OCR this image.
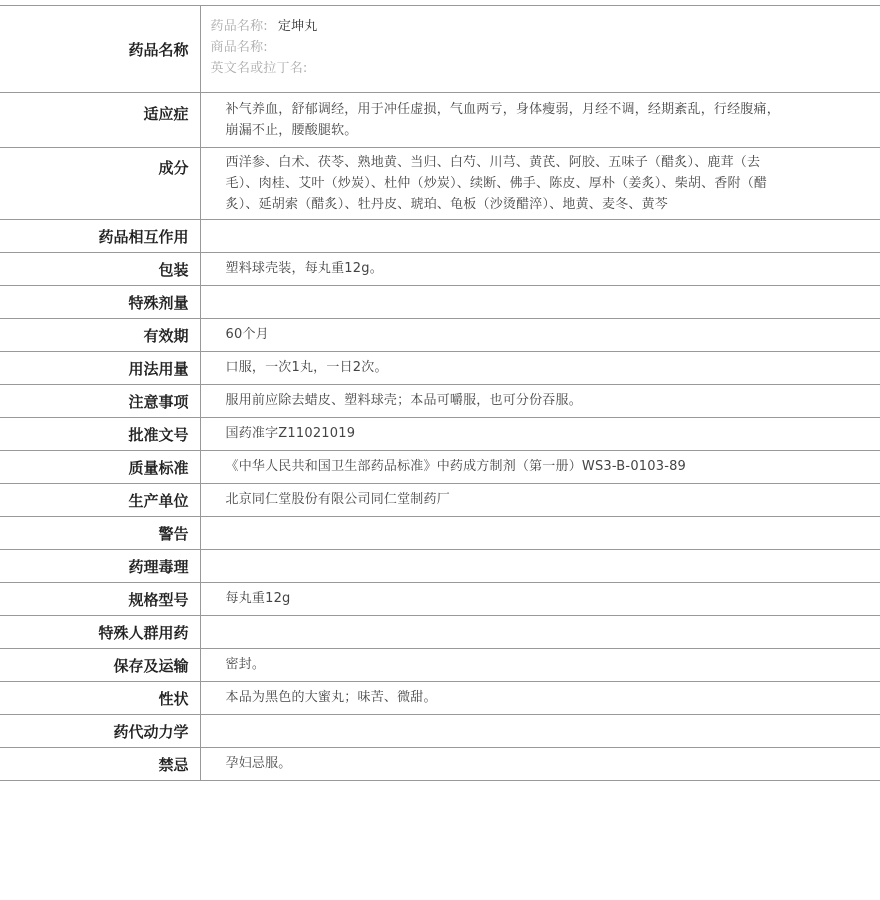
药品名称	药品名称: 定坤丸
商品名称:
英文名或拉丁名:

适应症	补气养血，舒郁调经，用于冲任虚损，气血两亏，身体瘦弱，月经不调，经期紊乱，行经腹痛，崩漏不止，腰酸腿软。
成分	西洋参、白术、茯苓、熟地黄、当归、白芍、川芎、黄芪、阿胶、五味子（醋炙）、鹿茸（去毛）、肉桂、艾叶（炒炭）、杜仲（炒炭）、续断、佛手、陈皮、厚朴（姜炙）、柴胡、香附（醋炙）、延胡索（醋炙）、牡丹皮、琥珀、龟板（沙烫醋淬）、地黄、麦冬、黄芩
药品相互作用	
包装	塑料球壳装，每丸重12g。
特殊剂量	
有效期	60个月
用法用量	口服，一次1丸，一日2次。
注意事项	服用前应除去蜡皮、塑料球壳；本品可嚼服，也可分份吞服。
批准文号	国药准字Z11021019
质量标准	《中华人民共和国卫生部药品标准》中药成方制剂（第一册）WS3-B-0103-89
生产单位	北京同仁堂股份有限公司同仁堂制药厂
警告	
药理毒理	
规格型号	每丸重12g
特殊人群用药	
保存及运输	密封。
性状	本品为黑色的大蜜丸；味苦、微甜。
药代动力学	
禁忌	孕妇忌服。
